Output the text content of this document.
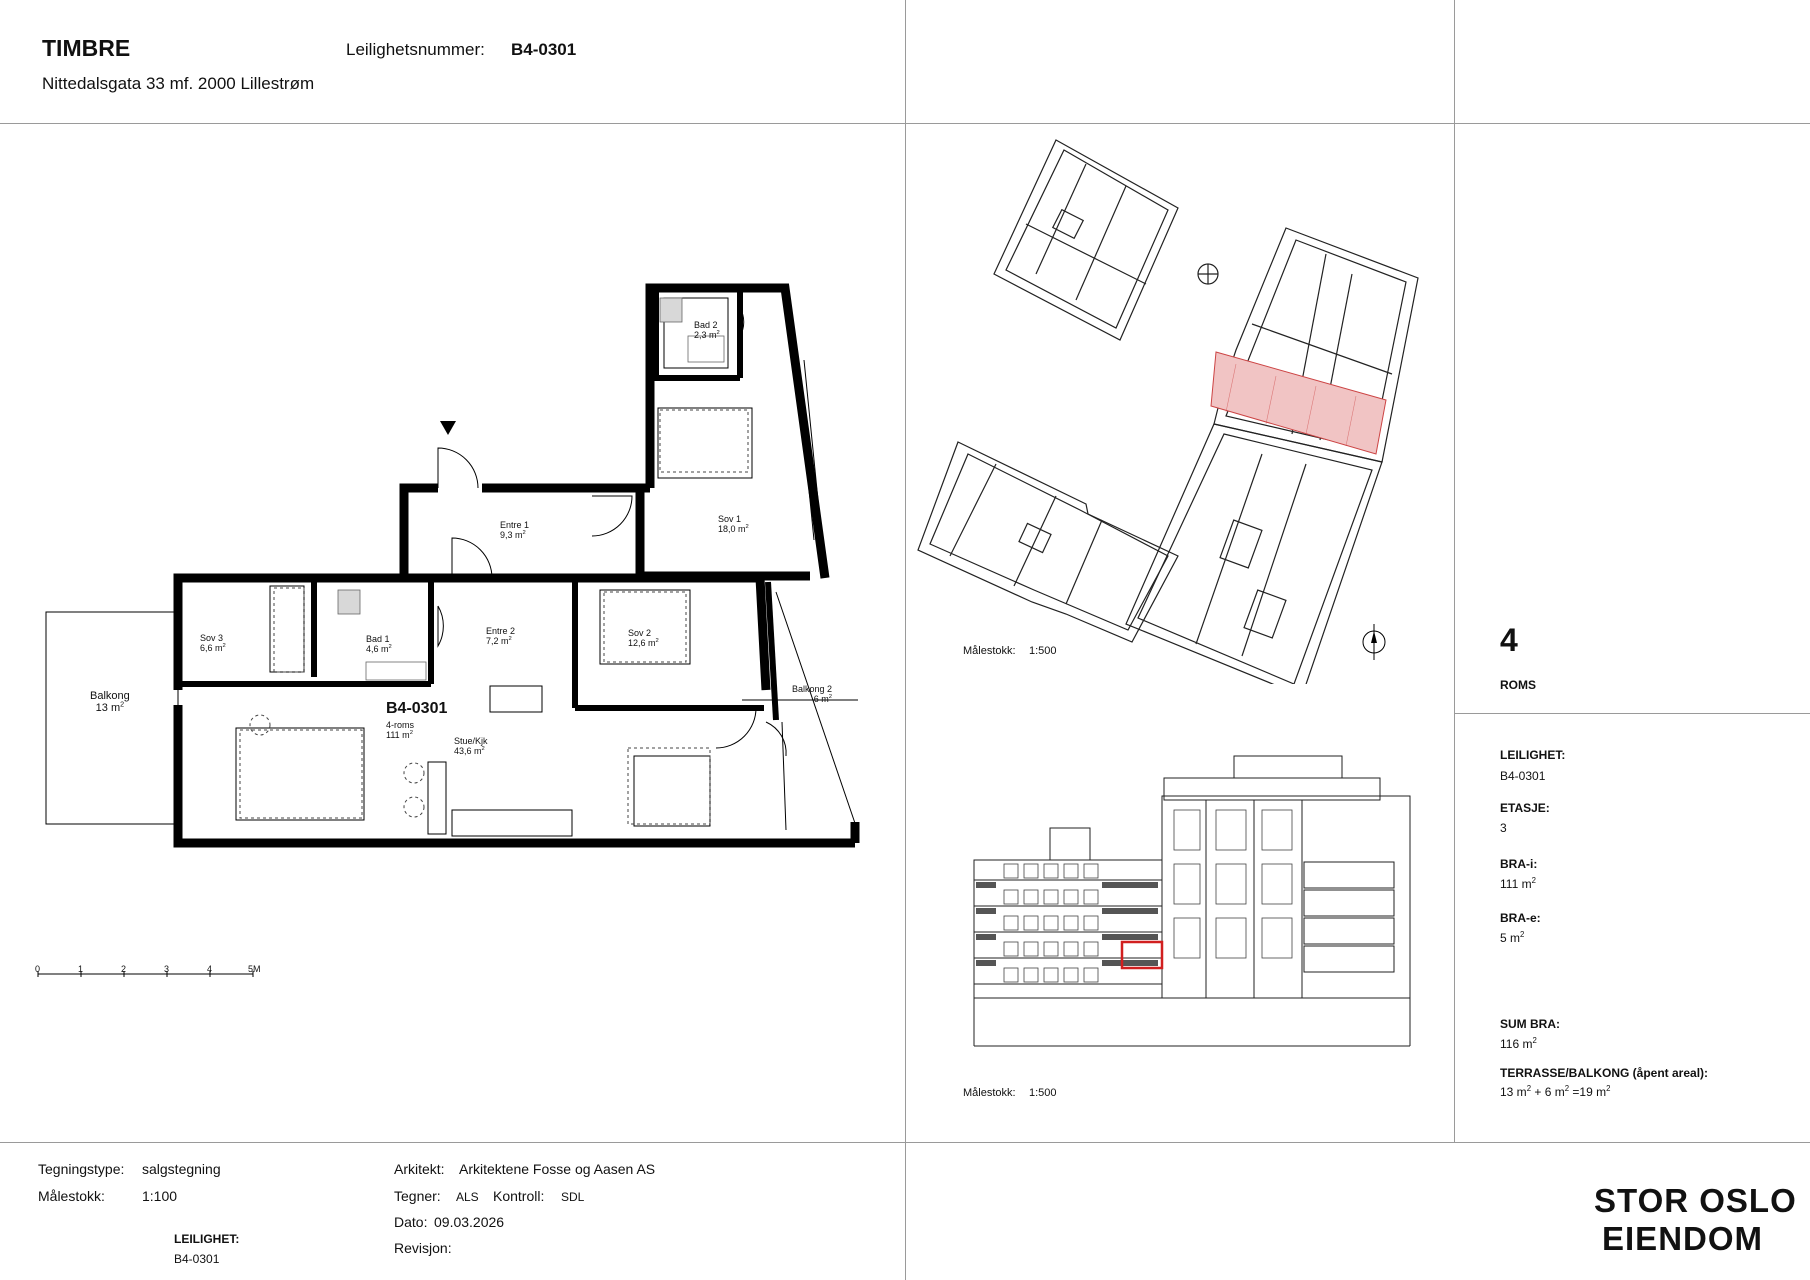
TIMBRE
Nittedalsgata 33 mf. 2000 Lillestrøm
Leilighetsnummer: B4-0301
Bad 2
2,3 $m^2$
Sov 1
18,0 $m^2$
Entre 1
9,3 $m^2$
Sov 3
6,6 $m^2$
Bad 1
4,6 $m^2$
Entre 2
7,2 $m^2$
Sov 2
12,6 $m^2$
Balkong 2
6 $m^2$
Balkong
13 $m^2$
Stue/Kjk
43,6 $m^2$
B4-0301
4-roms
111 $m^2$
0	1	2	3	4	5M
Målestokk: 1:500
Målestokk: 1:500
4
ROMS
LEILIGHET:
B4-0301
ETASJE:
3
BRA-i:
111 $m^2$
BRA-e:
5 $m^2$
SUM BRA:
116 $m^2$
TERRASSE/BALKONG (åpent areal):
13 $m^2 + 6$ $m^2 =19$ $m^2$
Tegningstype: salgstegning
Målestokk:	1:100
LEILIGHET:
B4-0301
Arkitekt: Arkitektene Fosse og Aasen AS
Tegner: ALS Kontroll: SDL
Dato: 09.03.2026
Revisjon:
STOR OSLO
EIENDOM
